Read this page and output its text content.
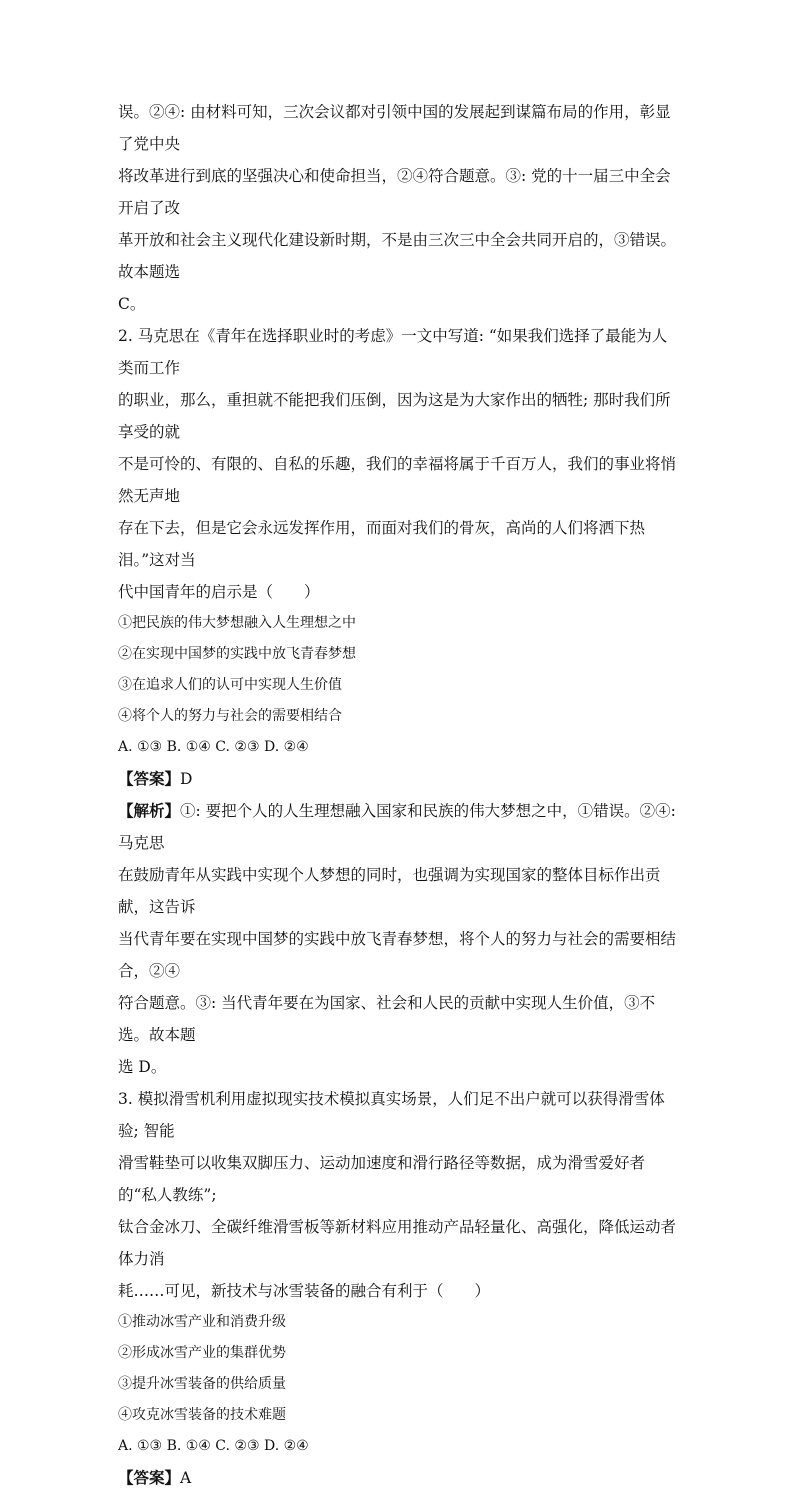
误。②④: 由材料可知，三次会议都对引领中国的发展起到谋篇布局的作用，彰显了党中央

将改革进行到底的坚强决心和使命担当，②④符合题意。③: 党的十一届三中全会开启了改

革开放和社会主义现代化建设新时期，不是由三次三中全会共同开启的，③错误。故本题选

C。

2. 马克思在《青年在选择职业时的考虑》一文中写道: “如果我们选择了最能为人类而工作

的职业，那么，重担就不能把我们压倒，因为这是为大家作出的牺牲; 那时我们所享受的就

不是可怜的、有限的、自私的乐趣，我们的幸福将属于千百万人，我们的事业将悄然无声地

存在下去，但是它会永远发挥作用，而面对我们的骨灰，高尚的人们将洒下热泪。”这对当

代中国青年的启示是（　　）

①把民族的伟大梦想融入人生理想之中

②在实现中国梦的实践中放飞青春梦想

③在追求人们的认可中实现人生价值

④将个人的努力与社会的需要相结合

A. ①③ B. ①④ C. ②③ D. ②④

【答案】D

【解析】①: 要把个人的人生理想融入国家和民族的伟大梦想之中，①错误。②④: 马克思

在鼓励青年从实践中实现个人梦想的同时，也强调为实现国家的整体目标作出贡献，这告诉

当代青年要在实现中国梦的实践中放飞青春梦想，将个人的努力与社会的需要相结合，②④

符合题意。③: 当代青年要在为国家、社会和人民的贡献中实现人生价值，③不选。故本题

选 D。

3. 模拟滑雪机利用虚拟现实技术模拟真实场景，人们足不出户就可以获得滑雪体验; 智能

滑雪鞋垫可以收集双脚压力、运动加速度和滑行路径等数据，成为滑雪爱好者的“私人教练”;

钛合金冰刀、全碳纤维滑雪板等新材料应用推动产品轻量化、高强化，降低运动者体力消

耗……可见，新技术与冰雪装备的融合有利于（　　）

①推动冰雪产业和消费升级

②形成冰雪产业的集群优势

③提升冰雪装备的供给质量

④攻克冰雪装备的技术难题

A. ①③ B. ①④ C. ②③ D. ②④

【答案】A
